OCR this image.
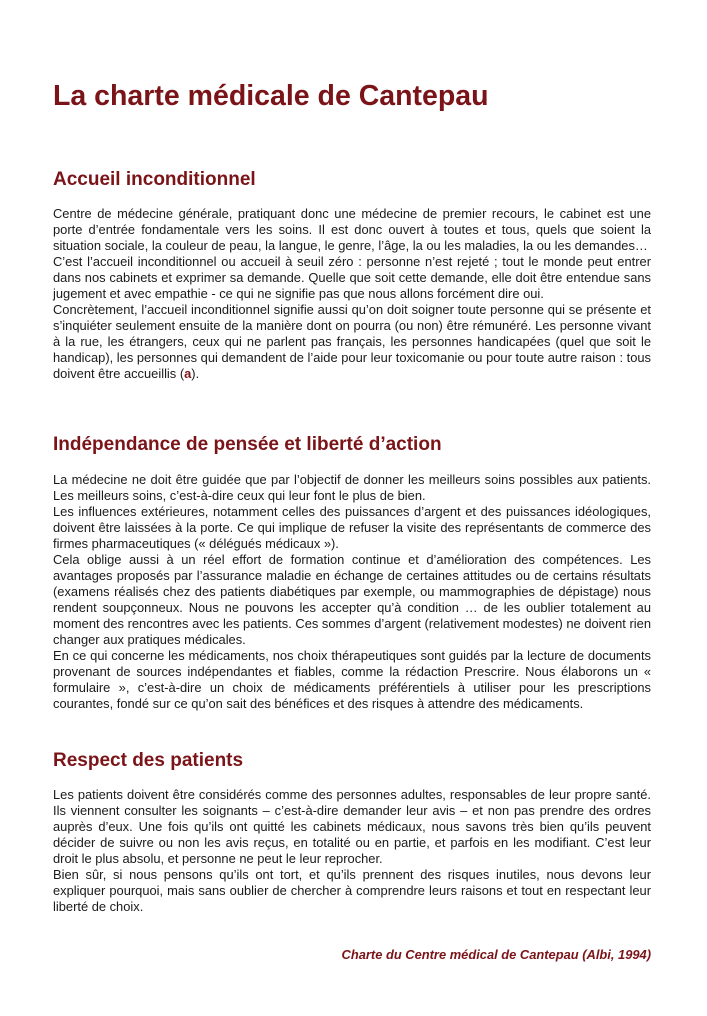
La charte médicale de Cantepau
Accueil inconditionnel

Centre de médecine générale, pratiquant donc une médecine de premier recours, le cabinet est une porte d’entrée fondamentale vers les soins. Il est donc ouvert à toutes et tous, quels que soient la situation sociale, la couleur de peau, la langue, le genre, l’âge, la ou les maladies, la ou les demandes…

C’est l’accueil inconditionnel ou accueil à seuil zéro : personne n’est rejeté ; tout le monde peut entrer dans nos cabinets et exprimer sa demande. Quelle que soit cette demande, elle doit être entendue sans jugement et avec empathie - ce qui ne signifie pas que nous allons forcément dire oui.

Concrètement, l’accueil inconditionnel signifie aussi qu’on doit soigner toute personne qui se présente et s’inquiéter seulement ensuite de la manière dont on pourra (ou non) être rémunéré. Les personne vivant à la rue, les étrangers, ceux qui ne parlent pas français, les personnes handicapées (quel que soit le handicap), les personnes qui demandent de l’aide pour leur toxicomanie ou pour toute autre raison : tous doivent être accueillis (a).

Indépendance de pensée et liberté d’action

La médecine ne doit être guidée que par l’objectif de donner les meilleurs soins possibles aux patients. Les meilleurs soins, c’est-à-dire ceux qui leur font le plus de bien.

Les influences extérieures, notamment celles des puissances d’argent et des puissances idéologiques, doivent être laissées à la porte. Ce qui implique de refuser la visite des représentants de commerce des firmes pharmaceutiques (« délégués médicaux »).

Cela oblige aussi à un réel effort de formation continue et d’amélioration des compétences. Les avantages proposés par l’assurance maladie en échange de certaines attitudes ou de certains résultats (examens réalisés chez des patients diabétiques par exemple, ou mammographies de dépistage) nous rendent soupçonneux. Nous ne pouvons les accepter qu’à condition … de les oublier totalement au moment des rencontres avec les patients. Ces sommes d’argent (relativement modestes) ne doivent rien changer aux pratiques médicales.

En ce qui concerne les médicaments, nos choix thérapeutiques sont guidés par la lecture de documents provenant de sources indépendantes et fiables, comme la rédaction Prescrire. Nous élaborons un « formulaire », c’est-à-dire un choix de médicaments préférentiels à utiliser pour les prescriptions courantes, fondé sur ce qu’on sait des bénéfices et des risques à attendre des médicaments.

Respect des patients

Les patients doivent être considérés comme des personnes adultes, responsables de leur propre santé. Ils viennent consulter les soignants – c’est-à-dire demander leur avis – et non pas prendre des ordres auprès d’eux. Une fois qu’ils ont quitté les cabinets médicaux, nous savons très bien qu’ils peuvent décider de suivre ou non les avis reçus, en totalité ou en partie, et parfois en les modifiant. C’est leur droit le plus absolu, et personne ne peut le leur reprocher.

Bien sûr, si nous pensons qu’ils ont tort, et qu’ils prennent des risques inutiles, nous devons leur expliquer pourquoi, mais sans oublier de chercher à comprendre leurs raisons et tout en respectant leur liberté de choix.

Charte du Centre médical de Cantepau (Albi, 1994)
